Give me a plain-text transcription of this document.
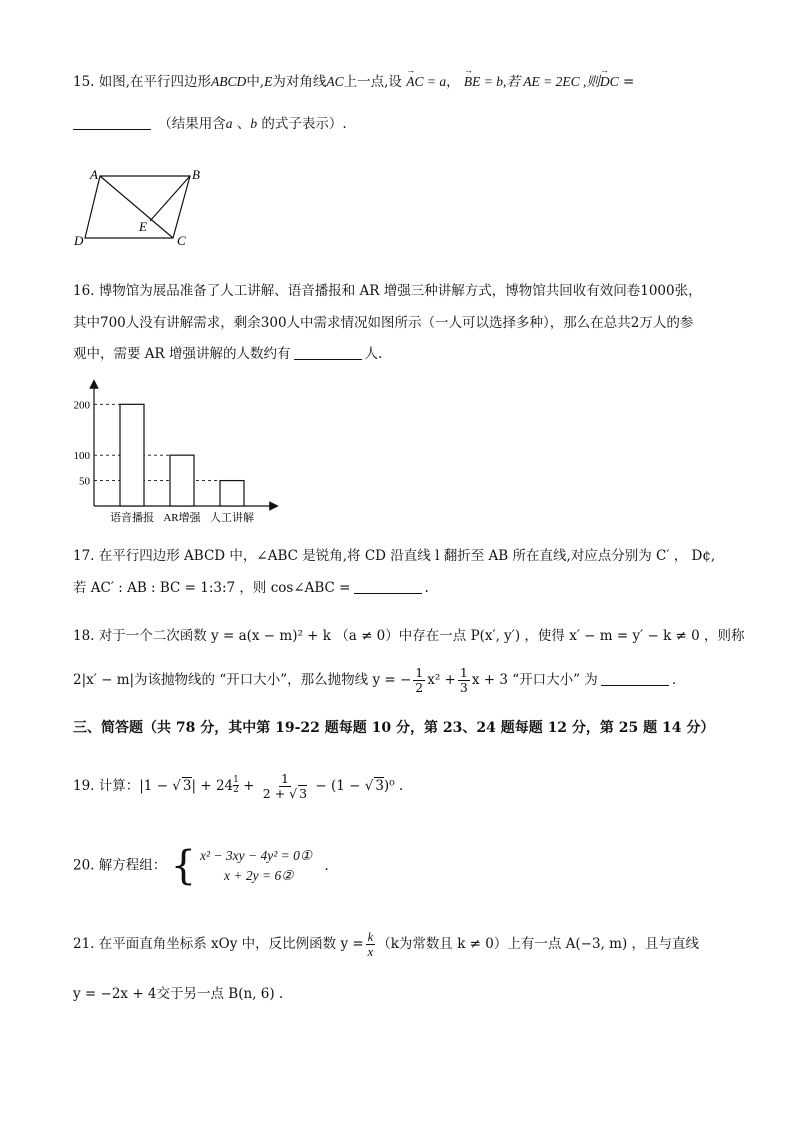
15. 如图,在平行四边形ABCD中,E为对角线AC上一点,设 → AC = a， → BE = b,若 AE = 2EC ,则→ DC =
（结果用含a 、b 的式子表示）.
A	B
E
D	C
16. 博物馆为展品准备了人工讲解、语音播报和 AR 增强三种讲解方式，博物馆共回收有效问卷1000张，
其中700人没有讲解需求，剩余300人中需求情况如图所示（一人可以选择多种），那么在总共2万人的参
观中，需要 AR 增强讲解的人数约有	人.
200
100
50
语音播报 AR增强 人工讲解
17. 在平行四边形 ABCD 中，∠ABC 是锐角,将 CD 沿直线 l 翻折至 AB 所在直线,对应点分别为 C′ ， D¢,
若 AC′ : AB : BC = 1:3:7 ，则 cos∠ABC =	.
18. 对于一个二次函数 y = a(x − m)² + k （a ≠ 0）中存在一点 P(x′, y′) ，使得 x′ − m = y′ − k ≠ 0 ，则称
2|x′ − m|为该抛物线的 “开口大小”，那么抛物线 y = − $\frac{1}{2} x^2 + \frac{1}{3}$ x + 3 “开口大小” 为	.
三、简答题（共 78 分，其中第 19-22 题每题 10 分，第 23、24 题每题 12 分，第 25 题 14 分）
19. 计算：|1 − √ 3| + 24 $^{\frac{1}{2}} + \frac{1}{2 + √ 3} - (1$ − √ 3)⁰ .
20. 解方程组： { x² − 3xy − 4y² = 0①
x + 2y = 6②
.
21. 在平面直角坐标系 xOy 中，反比例函数 $y = \frac{k}{x} (k$为常数且 k ≠ 0）上有一点 A(−3, m) ，且与直线
y = −2x + 4交于另一点 B(n, 6) .
